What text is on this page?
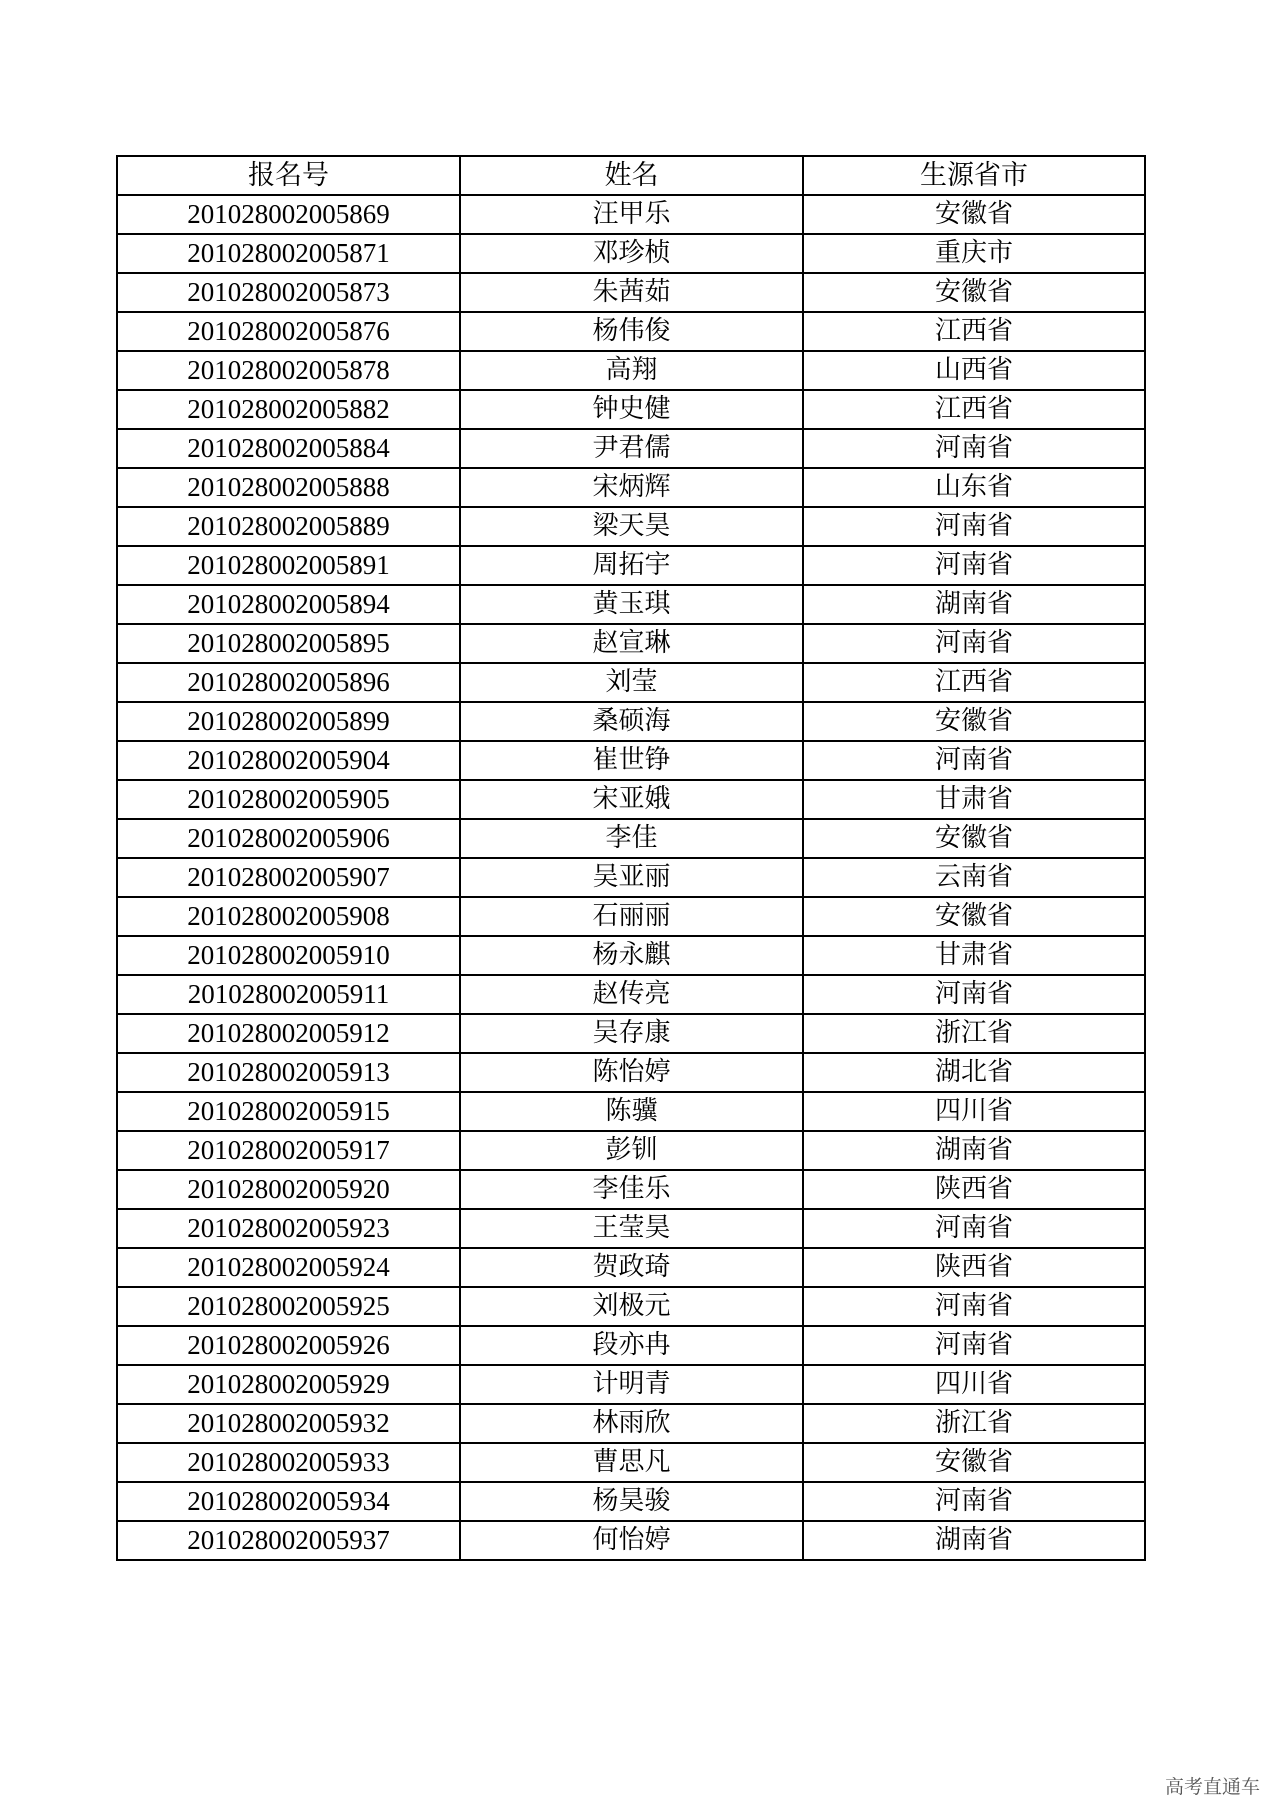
报名号	姓名	生源省市
201028002005869	汪甲乐	安徽省
201028002005871	邓珍桢	重庆市
201028002005873	朱茜茹	安徽省
201028002005876	杨伟俊	江西省
201028002005878	高翔	山西省
201028002005882	钟史健	江西省
201028002005884	尹君儒	河南省
201028002005888	宋炳辉	山东省
201028002005889	梁天昊	河南省
201028002005891	周拓宇	河南省
201028002005894	黄玉琪	湖南省
201028002005895	赵宣琳	河南省
201028002005896	刘莹	江西省
201028002005899	桑硕海	安徽省
201028002005904	崔世铮	河南省
201028002005905	宋亚娥	甘肃省
201028002005906	李佳	安徽省
201028002005907	吴亚丽	云南省
201028002005908	石丽丽	安徽省
201028002005910	杨永麒	甘肃省
201028002005911	赵传亮	河南省
201028002005912	吴存康	浙江省
201028002005913	陈怡婷	湖北省
201028002005915	陈骥	四川省
201028002005917	彭钏	湖南省
201028002005920	李佳乐	陕西省
201028002005923	王莹昊	河南省
201028002005924	贺政琦	陕西省
201028002005925	刘极元	河南省
201028002005926	段亦冉	河南省
201028002005929	计明青	四川省
201028002005932	林雨欣	浙江省
201028002005933	曹思凡	安徽省
201028002005934	杨昊骏	河南省
201028002005937	何怡婷	湖南省
高考直通车
